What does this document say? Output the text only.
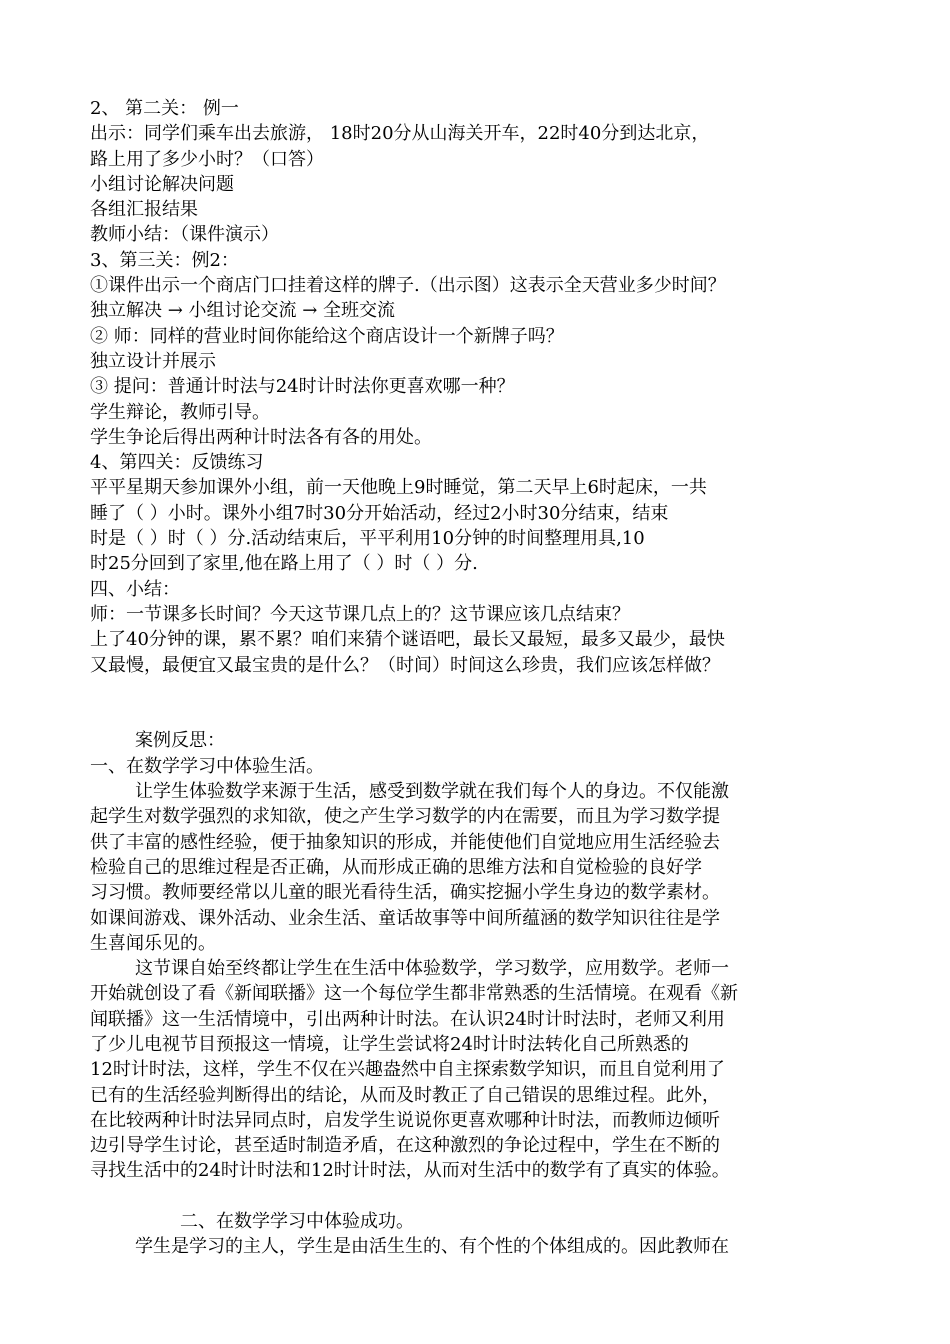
2、 第二关： 例一
出示：同学们乘车出去旅游， 18时20分从山海关开车，22时40分到达北京，
路上用了多少小时？（口答）
小组讨论解决问题
各组汇报结果
教师小结：（课件演示）
3、第三关：例2：
①课件出示一个商店门口挂着这样的牌子.（出示图）这表示全天营业多少时间？
独立解决 → 小组讨论交流 → 全班交流
② 师：同样的营业时间你能给这个商店设计一个新牌子吗？
独立设计并展示
③ 提问：普通计时法与24时计时法你更喜欢哪一种？
学生辩论，教师引导。
学生争论后得出两种计时法各有各的用处。
4、第四关：反馈练习
平平星期天参加课外小组，前一天他晚上9时睡觉，第二天早上6时起床，一共
睡了（ ）小时。课外小组7时30分开始活动，经过2小时30分结束，结束
时是（ ）时（ ）分.活动结束后，平平利用10分钟的时间整理用具,10
时25分回到了家里,他在路上用了（ ）时（ ）分.
四、小结：
师：一节课多长时间？今天这节课几点上的？这节课应该几点结束？
上了40分钟的课，累不累？咱们来猜个谜语吧，最长又最短，最多又最少，最快
又最慢，最便宜又最宝贵的是什么？（时间）时间这么珍贵，我们应该怎样做？
案例反思：
一、在数学学习中体验生活。
让学生体验数学来源于生活，感受到数学就在我们每个人的身边。不仅能激
起学生对数学强烈的求知欲，使之产生学习数学的内在需要，而且为学习数学提
供了丰富的感性经验，便于抽象知识的形成，并能使他们自觉地应用生活经验去
检验自己的思维过程是否正确，从而形成正确的思维方法和自觉检验的良好学
习习惯。教师要经常以儿童的眼光看待生活，确实挖掘小学生身边的数学素材。
如课间游戏、课外活动、业余生活、童话故事等中间所蕴涵的数学知识往往是学
生喜闻乐见的。
这节课自始至终都让学生在生活中体验数学，学习数学，应用数学。老师一
开始就创设了看《新闻联播》这一个每位学生都非常熟悉的生活情境。在观看《新
闻联播》这一生活情境中，引出两种计时法。在认识24时计时法时，老师又利用
了少儿电视节目预报这一情境，让学生尝试将24时计时法转化自己所熟悉的
12时计时法，这样，学生不仅在兴趣盎然中自主探索数学知识，而且自觉利用了
已有的生活经验判断得出的结论，从而及时教正了自己错误的思维过程。此外，
在比较两种计时法异同点时，启发学生说说你更喜欢哪种计时法，而教师边倾听
边引导学生讨论，甚至适时制造矛盾，在这种激烈的争论过程中，学生在不断的
寻找生活中的24时计时法和12时计时法，从而对生活中的数学有了真实的体验。
二、在数学学习中体验成功。
学生是学习的主人，学生是由活生生的、有个性的个体组成的。因此教师在
